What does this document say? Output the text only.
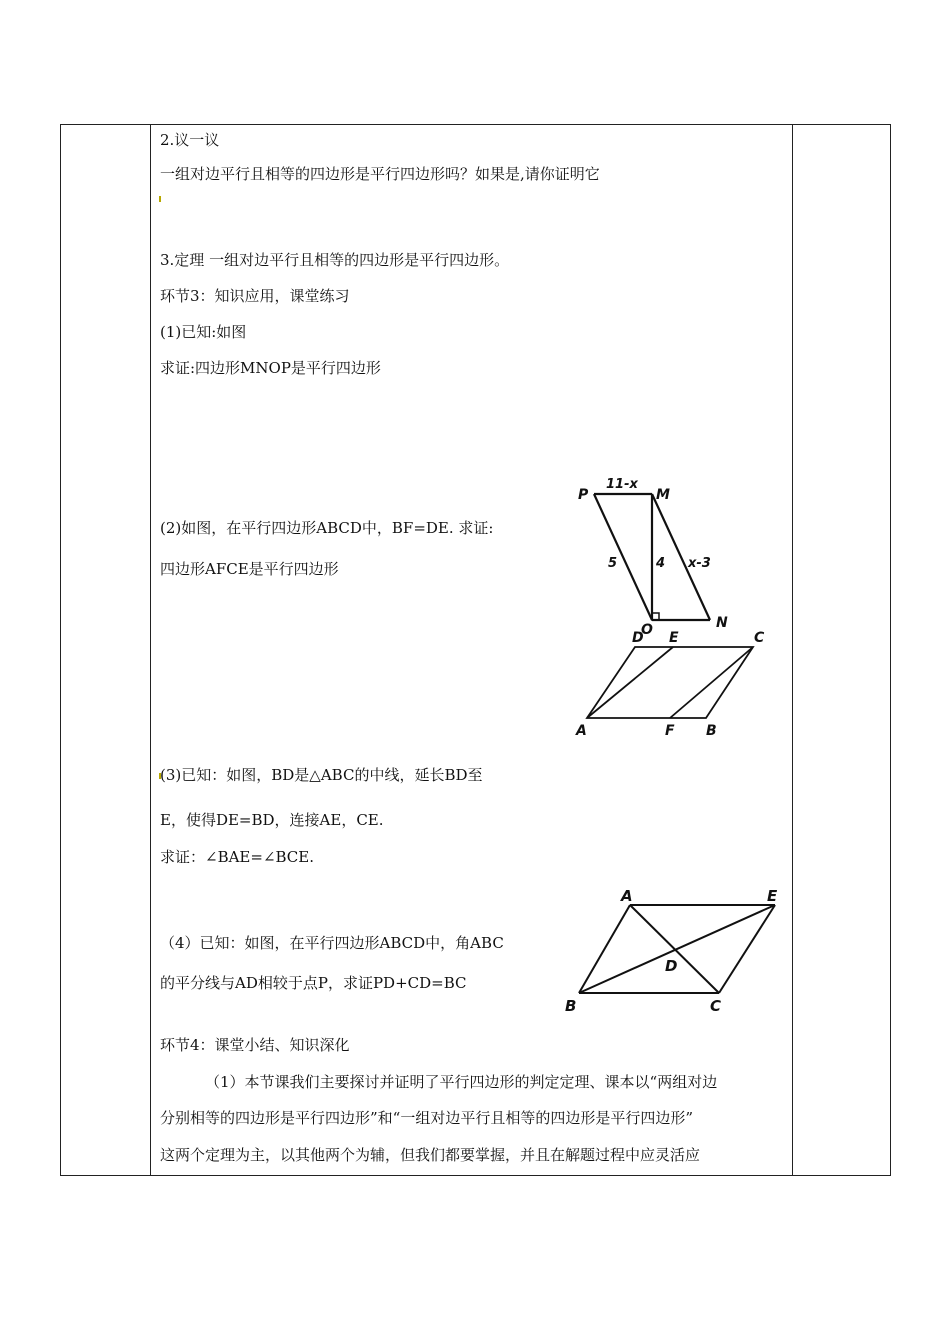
2.议一议
一组对边平行且相等的四边形是平行四边形吗？如果是,请你证明它
3.定理 一组对边平行且相等的四边形是平行四边形。
环节3：知识应用，课堂练习
(1)已知:如图
求证:四边形MNOP是平行四边形
(2)如图，在平行四边形ABCD中，BF=DE. 求证:
四边形AFCE是平行四边形
(3)已知：如图，BD是△ABC的中线，延长BD至
E，使得DE=BD，连接AE，CE.
求证：∠BAE=∠BCE.
（4）已知：如图，在平行四边形ABCD中，角ABC
的平分线与AD相较于点P，求证PD+CD=BC
环节4：课堂小结、知识深化
（1）本节课我们主要探讨并证明了平行四边形的判定定理、课本以“两组对边
分别相等的四边形是平行四边形”和“一组对边平行且相等的四边形是平行四边形”
这两个定理为主，以其他两个为辅，但我们都要掌握，并且在解题过程中应灵活应
P	M
O	N
11-x
5	4 x-3
D E	C
A	F B
A	E
D
B	C
